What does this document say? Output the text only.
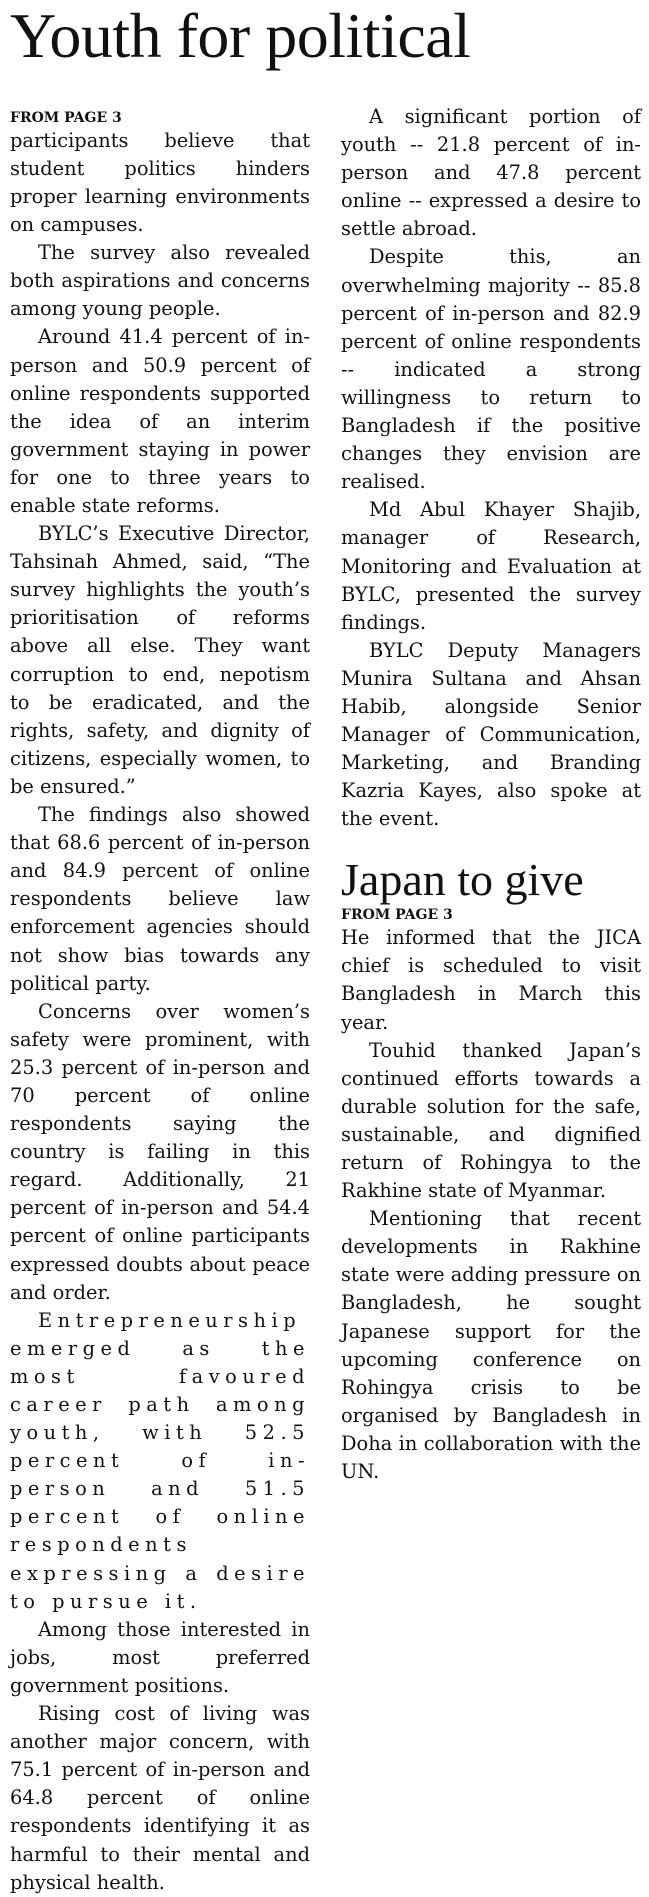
Youth for political
FROM PAGE 3

participants believe that student politics hinders proper learning environments on campuses.

The survey also revealed both aspirations and concerns among young people.

Around 41.4 percent of in-person and 50.9 percent of online respondents supported the idea of an interim government staying in power for one to three years to enable state reforms.

BYLC’s Executive Director, Tahsinah Ahmed, said, “The survey highlights the youth’s prioritisation of reforms above all else. They want corruption to end, nepotism to be eradicated, and the rights, safety, and dignity of citizens, especially women, to be ensured.”

The findings also showed that 68.6 percent of in-person and 84.9 percent of online respondents believe law enforcement agencies should not show bias towards any political party.

Concerns over women’s safety were prominent, with 25.3 percent of in-person and 70 percent of online respondents saying the country is failing in this regard. Additionally, 21 percent of in-person and 54.4 percent of online participants expressed doubts about peace and order.

Entrepreneurship emerged as the most favoured career path among youth, with 52.5 percent of in-person and 51.5 percent of online respondents expressing a desire to pursue it.

Among those interested in jobs, most preferred government positions.

Rising cost of living was another major concern, with 75.1 percent of in-person and 64.8 percent of online respondents identifying it as harmful to their mental and physical health.

A significant portion of youth -- 21.8 percent of in-person and 47.8 percent online -- expressed a desire to settle abroad.

Despite this, an overwhelming majority -- 85.8 percent of in-person and 82.9 percent of online respondents -- indicated a strong willingness to return to Bangladesh if the positive changes they envision are realised.

Md Abul Khayer Shajib, manager of Research, Monitoring and Evaluation at BYLC, presented the survey findings.

BYLC Deputy Managers Munira Sultana and Ahsan Habib, alongside Senior Manager of Communication, Marketing, and Branding Kazria Kayes, also spoke at the event.

Japan to give
FROM PAGE 3

He informed that the JICA chief is scheduled to visit Bangladesh in March this year.

Touhid thanked Japan’s continued efforts towards a durable solution for the safe, sustainable, and dignified return of Rohingya to the Rakhine state of Myanmar.

Mentioning that recent developments in Rakhine state were adding pressure on Bangladesh, he sought Japanese support for the upcoming conference on Rohingya crisis to be organised by Bangladesh in Doha in collaboration with the UN.
